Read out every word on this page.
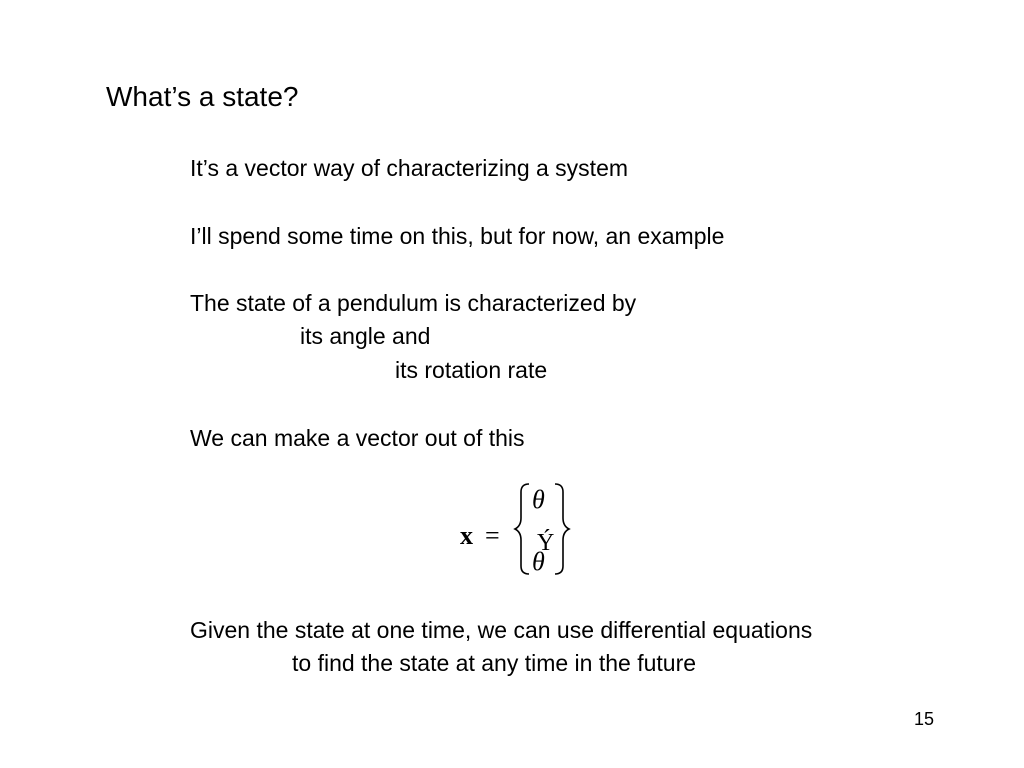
What’s a state?
It’s a vector way of characterizing a system
I’ll spend some time on this, but for now, an example
The state of a pendulum is characterized by
its angle and
its rotation rate
We can make a vector out of this
x =
θ
Ý
θ
Given the state at one time, we can use differential equations
to find the state at any time in the future
15
